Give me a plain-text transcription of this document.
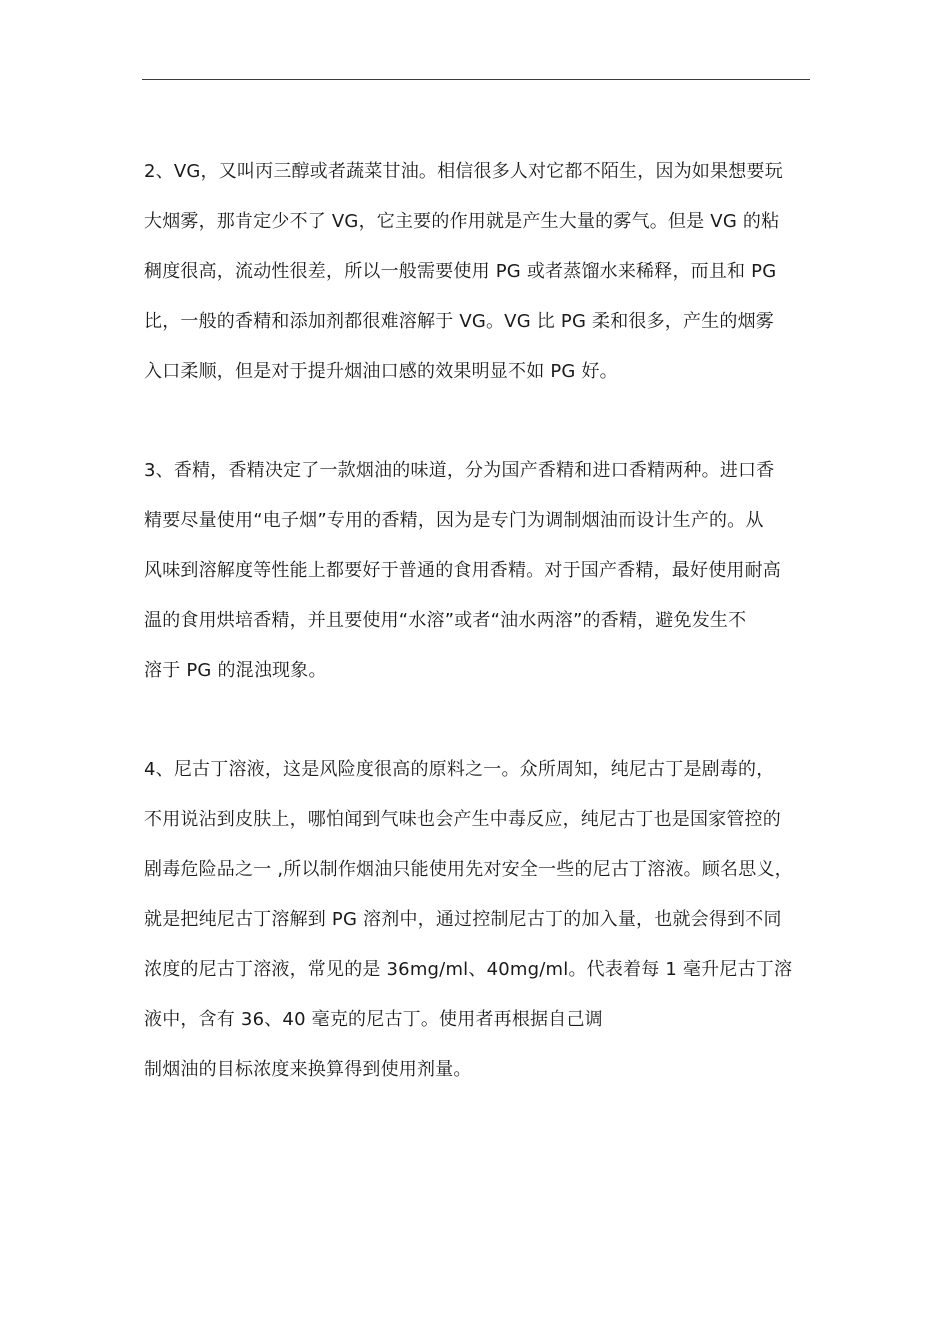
2、VG，又叫丙三醇或者蔬菜甘油。相信很多人对它都不陌生，因为如果想要玩
大烟雾，那肯定少不了 VG，它主要的作用就是产生大量的雾气。但是 VG 的粘
稠度很高，流动性很差，所以一般需要使用 PG 或者蒸馏水来稀释，而且和 PG
比，一般的香精和添加剂都很难溶解于 VG。VG 比 PG 柔和很多，产生的烟雾
入口柔顺，但是对于提升烟油口感的效果明显不如 PG 好。
3、香精，香精决定了一款烟油的味道，分为国产香精和进口香精两种。进口香
精要尽量使用“电子烟”专用的香精，因为是专门为调制烟油而设计生产的。从
风味到溶解度等性能上都要好于普通的食用香精。对于国产香精，最好使用耐高
温的食用烘培香精，并且要使用“水溶”或者“油水两溶”的香精，避免发生不
溶于 PG 的混浊现象。
4、尼古丁溶液，这是风险度很高的原料之一。众所周知，纯尼古丁是剧毒的，
不用说沾到皮肤上，哪怕闻到气味也会产生中毒反应，纯尼古丁也是国家管控的
剧毒危险品之一 ,所以制作烟油只能使用先对安全一些的尼古丁溶液。顾名思义，
就是把纯尼古丁溶解到 PG 溶剂中，通过控制尼古丁的加入量，也就会得到不同
浓度的尼古丁溶液，常见的是 36mg/ml、40mg/ml。代表着每 1 毫升尼古丁溶
液中，含有 36、40 毫克的尼古丁。使用者再根据自己调
制烟油的目标浓度来换算得到使用剂量。
